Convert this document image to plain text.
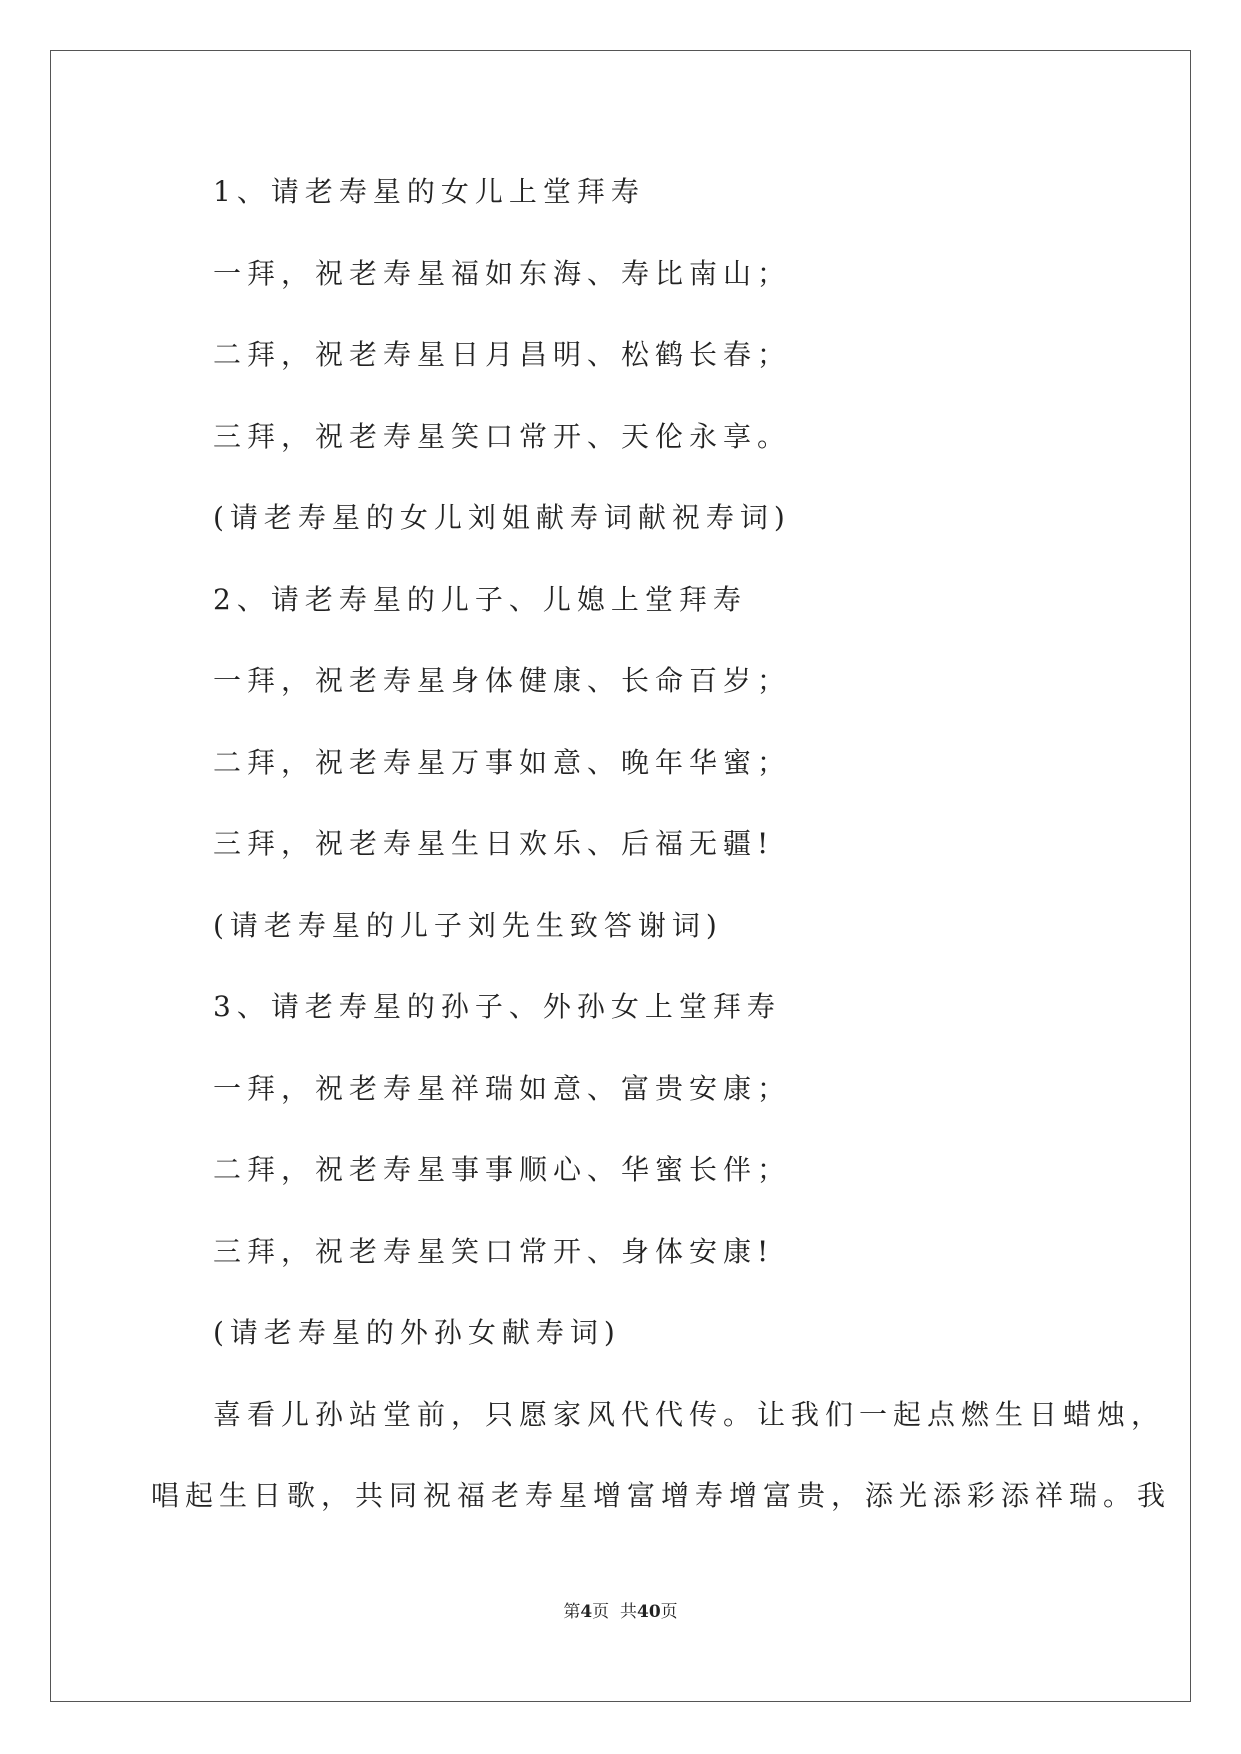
1、请老寿星的女儿上堂拜寿
一拜，祝老寿星福如东海、寿比南山；
二拜，祝老寿星日月昌明、松鹤长春；
三拜，祝老寿星笑口常开、天伦永享。
(请老寿星的女儿刘姐献寿词献祝寿词)
2、请老寿星的儿子、儿媳上堂拜寿
一拜，祝老寿星身体健康、长命百岁；
二拜，祝老寿星万事如意、晚年华蜜；
三拜，祝老寿星生日欢乐、后福无疆!
(请老寿星的儿子刘先生致答谢词)
3、请老寿星的孙子、外孙女上堂拜寿
一拜，祝老寿星祥瑞如意、富贵安康；
二拜，祝老寿星事事顺心、华蜜长伴；
三拜，祝老寿星笑口常开、身体安康!
(请老寿星的外孙女献寿词)
喜看儿孙站堂前，只愿家风代代传。让我们一起点燃生日蜡烛，
唱起生日歌，共同祝福老寿星增富增寿增富贵，添光添彩添祥瑞。我
第4页  共40页
